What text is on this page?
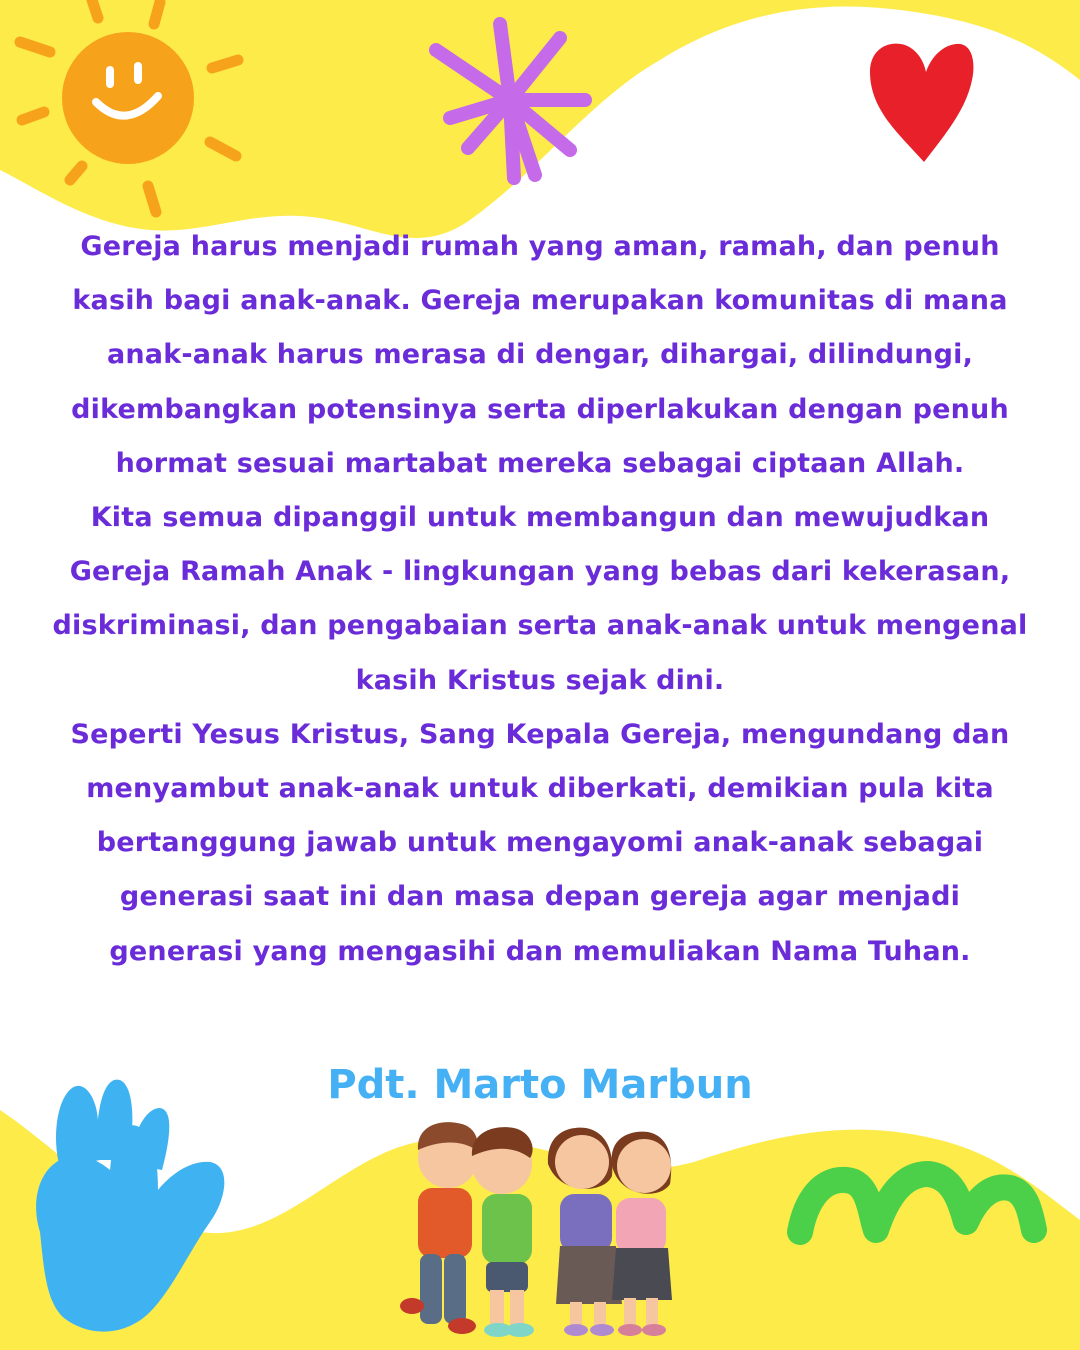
Gereja harus menjadi rumah yang aman, ramah, dan penuh kasih bagi anak-anak. Gereja merupakan komunitas di mana anak-anak harus merasa di dengar, dihargai, dilindungi, dikembangkan potensinya serta diperlakukan dengan penuh hormat sesuai martabat mereka sebagai ciptaan Allah.

Kita semua dipanggil untuk membangun dan mewujudkan Gereja Ramah Anak - lingkungan yang bebas dari kekerasan, diskriminasi, dan pengabaian serta anak-anak untuk mengenal kasih Kristus sejak dini.

Seperti Yesus Kristus, Sang Kepala Gereja, mengundang dan menyambut anak-anak untuk diberkati, demikian pula kita bertanggung jawab untuk mengayomi anak-anak sebagai generasi saat ini dan masa depan gereja agar menjadi generasi yang mengasihi dan memuliakan Nama Tuhan.

Pdt. Marto Marbun
